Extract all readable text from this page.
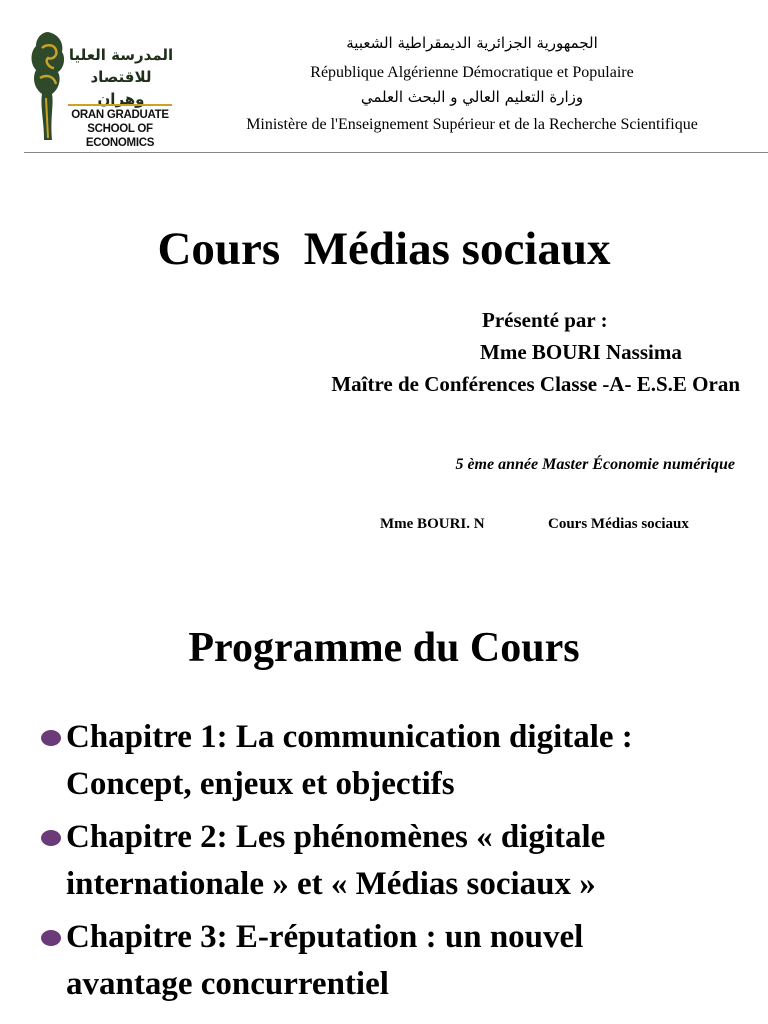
المدرسة العليا
للاقتصاد وهران
ORAN GRADUATE
SCHOOL OF ECONOMICS
الجمهورية الجزائرية الديمقراطية الشعبية
République Algérienne Démocratique et Populaire
وزارة التعليم العالي و البحث العلمي
Ministère de l'Enseignement Supérieur et de la Recherche Scientifique
Cours  Médias sociaux
Présenté par :
Mme BOURI Nassima
Maître de Conférences Classe -A- E.S.E Oran
5 ème année Master Économie numérique
Mme BOURI. N	Cours Médias sociaux
Programme du Cours
Chapitre 1: La communication digitale :
Concept, enjeux et objectifs
Chapitre 2: Les phénomènes « digitale
internationale » et « Médias sociaux »
Chapitre 3: E-réputation : un nouvel
avantage concurrentiel
